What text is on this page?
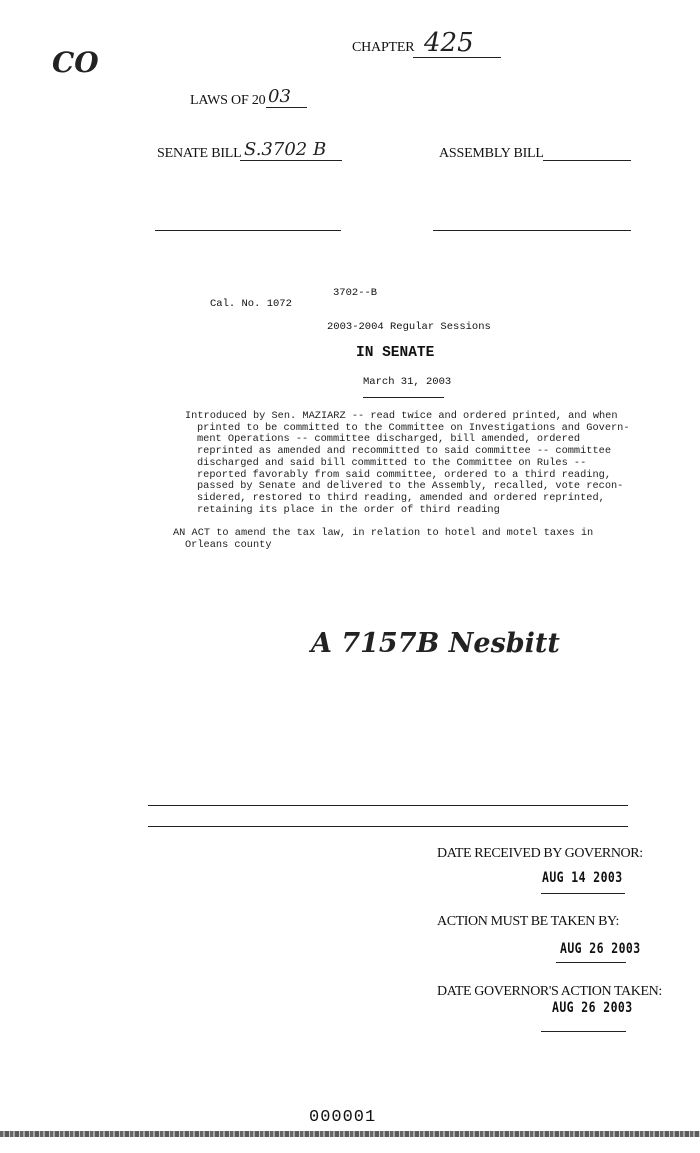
CO	CHAPTER 425
LAWS OF 20 03
SENATE BILL S.3702 B	ASSEMBLY BILL
3702--B
Cal. No. 1072
2003-2004 Regular Sessions
IN SENATE
March 31, 2003
Introduced by Sen. MAZIARZ -- read twice and ordered printed, and when
printed to be committed to the Committee on Investigations and Govern-
ment Operations -- committee discharged, bill amended, ordered
reprinted as amended and recommitted to said committee -- committee
discharged and said bill committed to the Committee on Rules --
reported favorably from said committee, ordered to a third reading,
passed by Senate and delivered to the Assembly, recalled, vote recon-
sidered, restored to third reading, amended and ordered reprinted,
retaining its place in the order of third reading
AN ACT to amend the tax law, in relation to hotel and motel taxes in
Orleans county
A 7157B Nesbitt
DATE RECEIVED BY GOVERNOR:
AUG 14 2003
ACTION MUST BE TAKEN BY:
AUG 26 2003
DATE GOVERNOR'S ACTION TAKEN:
AUG 26 2003
000001
